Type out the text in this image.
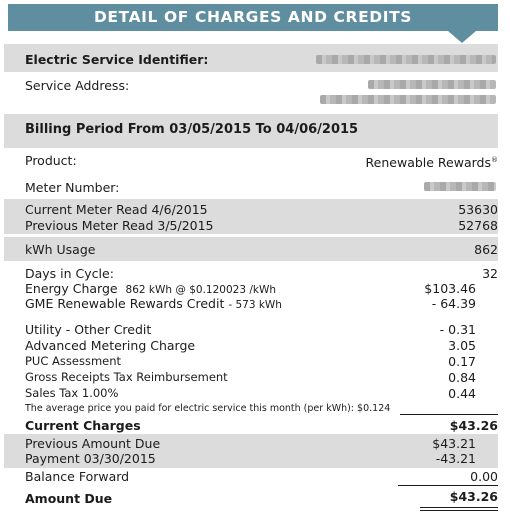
DETAIL OF CHARGES AND CREDITS
Electric Service Identifier:
Service Address:
Billing Period From 03/05/2015 To 04/06/2015
Product:	Renewable Rewards®
Meter Number:
Current Meter Read 4/6/2015	53630
Previous Meter Read 3/5/2015	52768
kWh Usage	862
Days in Cycle:	32
Energy Charge 862 kWh @ $0.120023 /kWh	$103.46
GME Renewable Rewards Credit - 573 kWh	- 64.39
Utility - Other Credit	- 0.31
Advanced Metering Charge	3.05
PUC Assessment	0.17
Gross Receipts Tax Reimbursement	0.84
Sales Tax 1.00%	0.44
The average price you paid for electric service this month (per kWh): $0.124
Current Charges	$43.26
Previous Amount Due	$43.21
Payment 03/30/2015	-43.21
Balance Forward	0.00
Amount Due	$43.26
